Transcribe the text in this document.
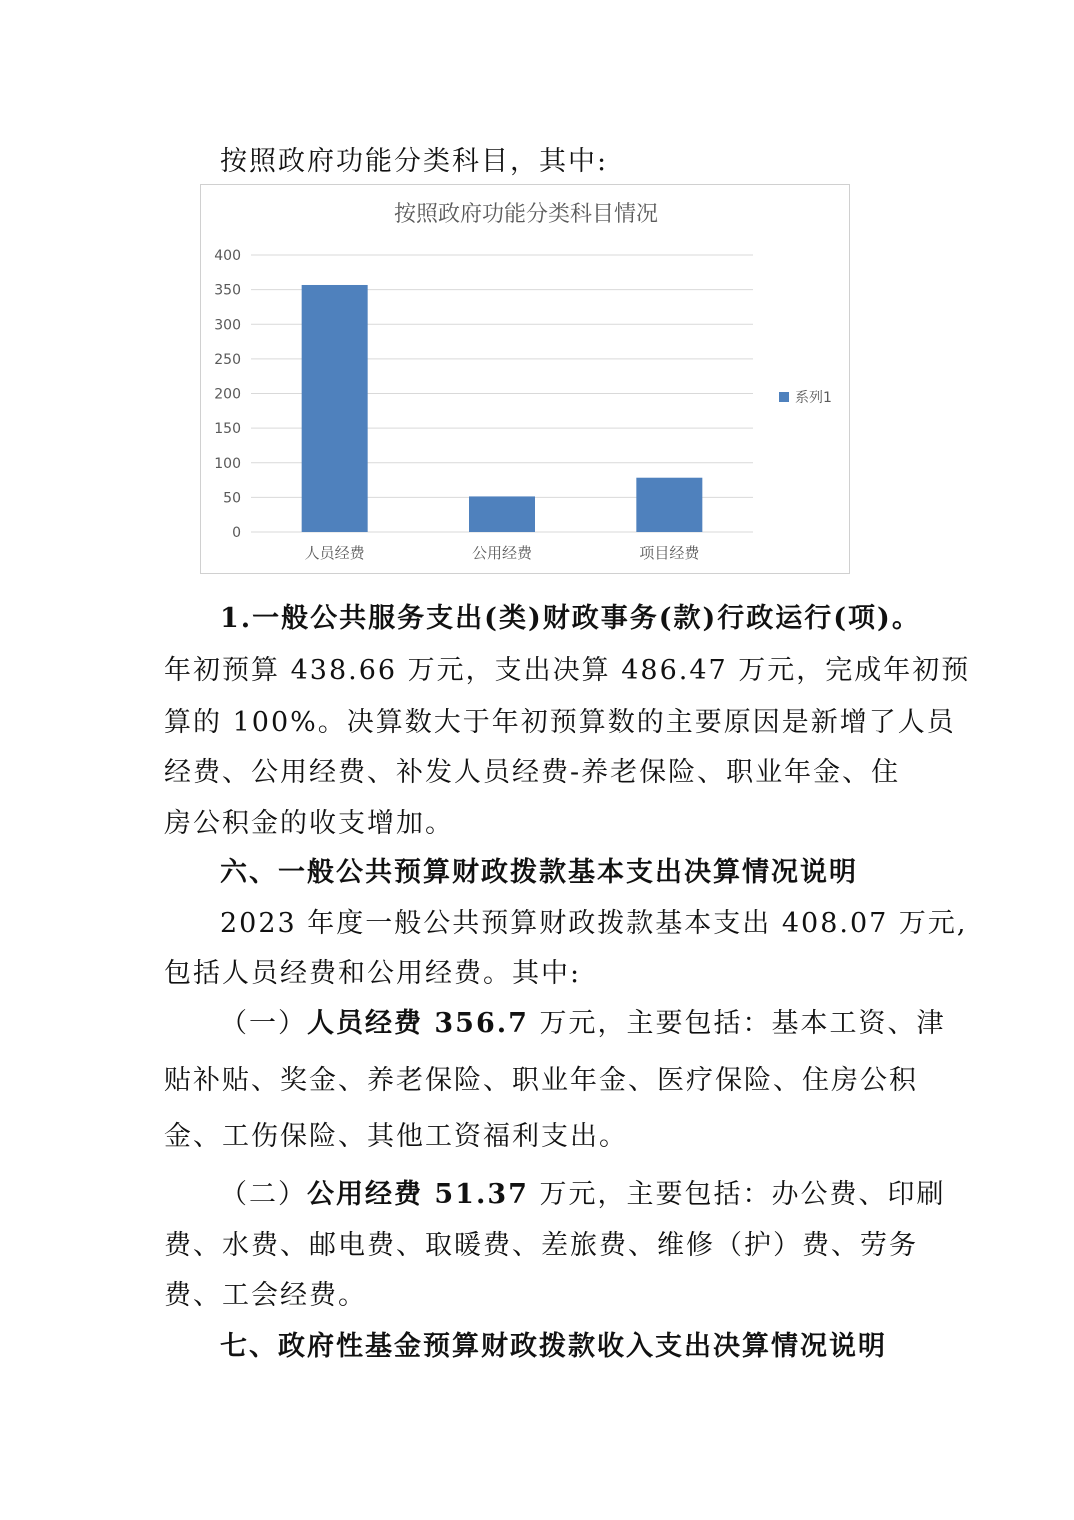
按照政府功能分类科目，其中:
按照政府功能分类科目情况
0
50
100
150
200
250
300
350
400
人员经费	公用经费	项目经费
系列1
1.一般公共服务支出(类)财政事务(款)行政运行(项)。
年初预算 438.66 万元，支出决算 486.47 万元，完成年初预
算的 100%。决算数大于年初预算数的主要原因是新增了人员
经费、公用经费、补发人员经费-养老保险、职业年金、住
房公积金的收支增加。
六、一般公共预算财政拨款基本支出决算情况说明
2023 年度一般公共预算财政拨款基本支出 408.07 万元,
包括人员经费和公用经费。其中:
（一）人员经费 356.7 万元，主要包括：基本工资、津
贴补贴、奖金、养老保险、职业年金、医疗保险、住房公积
金、工伤保险、其他工资福利支出。
（二）公用经费 51.37 万元，主要包括：办公费、印刷
费、水费、邮电费、取暖费、差旅费、维修（护）费、劳务
费、工会经费。
七、政府性基金预算财政拨款收入支出决算情况说明
